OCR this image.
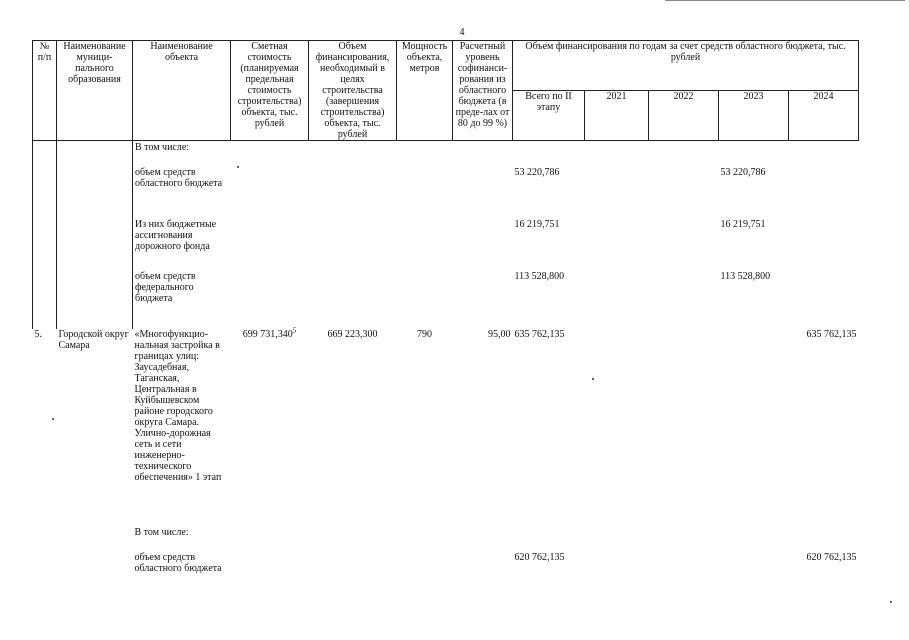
4
№ п/п	Наименование муници-пального образования	Наименование объекта	Сметная стоимость (планируемая предельная стоимость строительства) объекта, тыс. рублей	Объем финансирования, необходимый в целях строительства (завершения строительства) объекта, тыс. рублей	Мощность объекта, метров	Расчетный уровень софинанси-рования из областного бюджета (в преде-лах от 80 до 99 %)	Объем финансирования по годам за счет средств областного бюджета, тыс. рублей				
							Всего по II этапу	2021	2022	2023	2024
		В том числе:									

		объем средств областного бюджета					53 220,786			53 220,786	

		Из них бюджетные ассигнования дорожного фонда					16 219,751			16 219,751	

		объем средств федерального бюджета					113 528,800			113 528,800	

5.	Городской округ Самара	«Многофункцио-нальная застройка в границах улиц: Заусадебная, Таганская, Центральная в Куйбышевском районе городского округа Самара. Улично-дорожная сеть и сети инженерно-технического обеспечения» 1 этап	699 731,340$^5$	669 223,300	790	95,00	635 762,135				635 762,135

		В том числе:									

		объем средств областного бюджета					620 762,135				620 762,135
